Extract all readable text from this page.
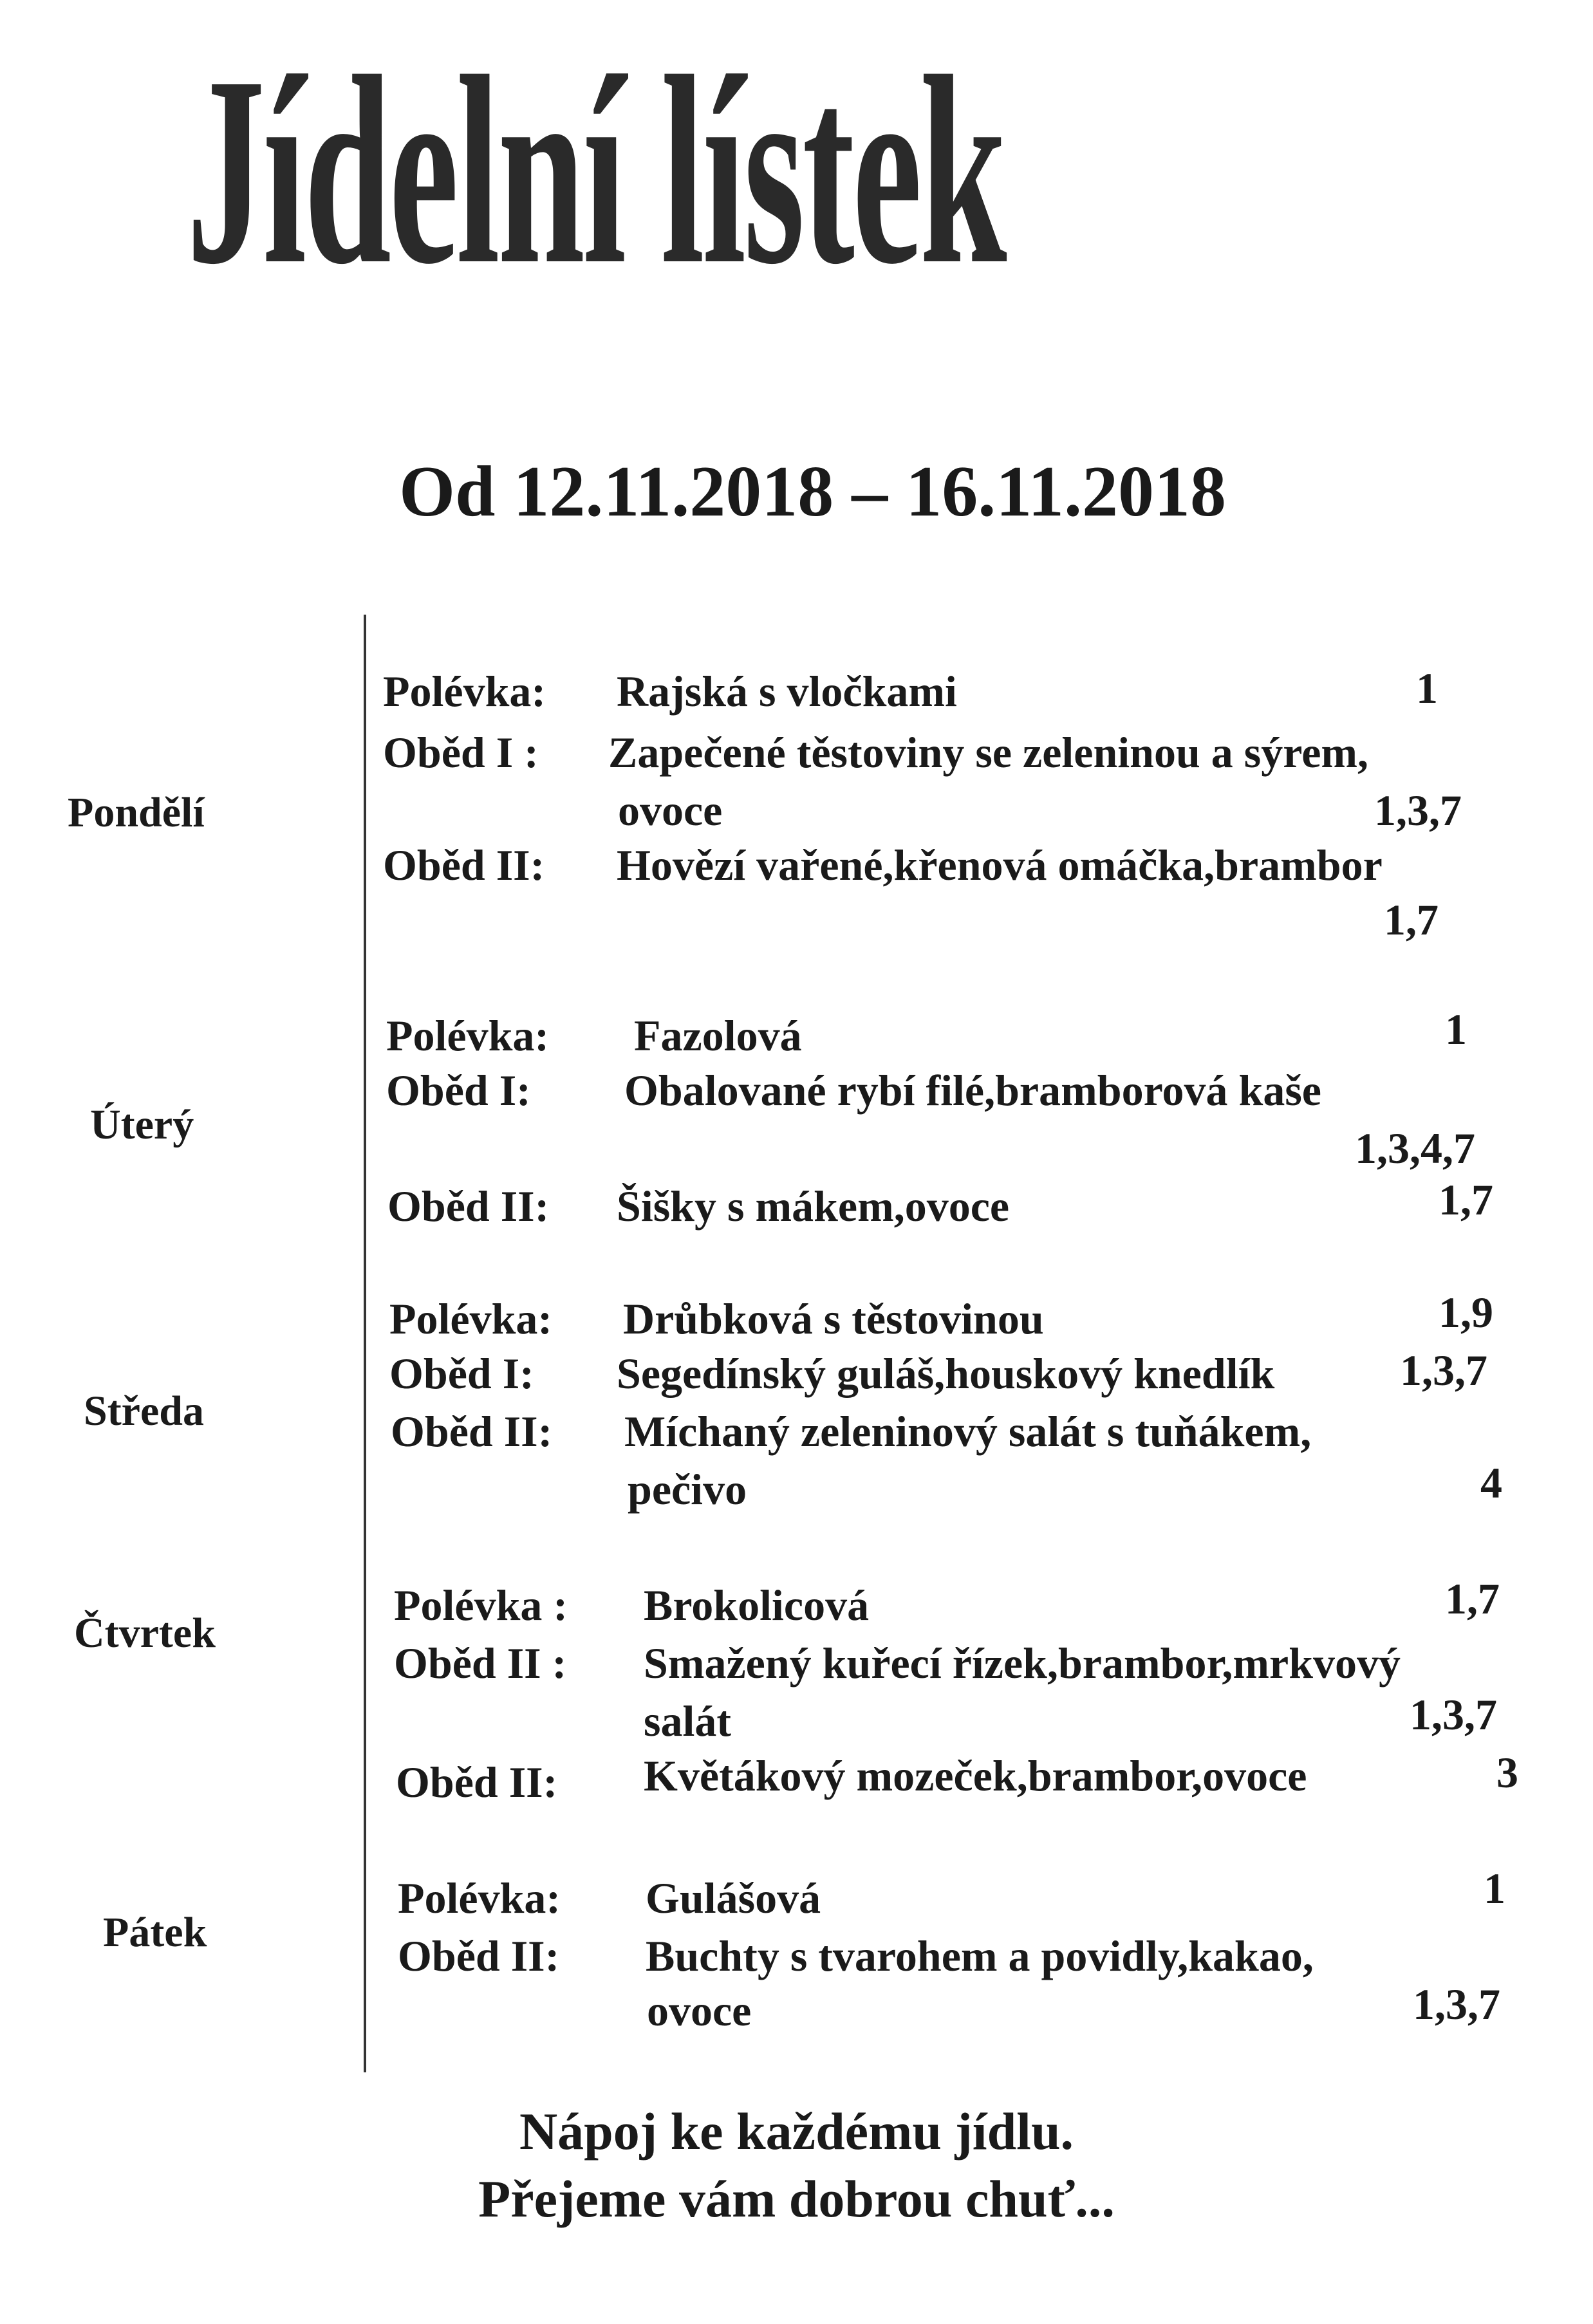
Jídelní lístek
Od 12.11.2018 – 16.11.2018
Pondělí
Polévka: Rajská s vločkami	1
Oběd I : Zapečené těstoviny se zeleninou a sýrem,
ovoce	1,3,7
Oběd II: Hovězí vařené,křenová omáčka,brambor
1,7
Úterý
Polévka: Fazolová	1
Oběd I: Obalované rybí filé,bramborová kaše
1,3,4,7
Oběd II: Šišky s mákem,ovoce	1,7
Středa
Polévka: Drůbková s těstovinou	1,9
Oběd I: Segedínský guláš,houskový knedlík	1,3,7
Oběd II: Míchaný zeleninový salát s tuňákem,
pečivo	4
Čtvrtek
Polévka : Brokolicová	1,7
Oběd II : Smažený kuřecí řízek,brambor,mrkvový
salát	1,3,7
Oběd II: Květákový mozeček,brambor,ovoce	3
Pátek
Polévka: Gulášová	1
Oběd II: Buchty s tvarohem a povidly,kakao,
ovoce	1,3,7
Nápoj ke každému jídlu.
Přejeme vám dobrou chuť...
